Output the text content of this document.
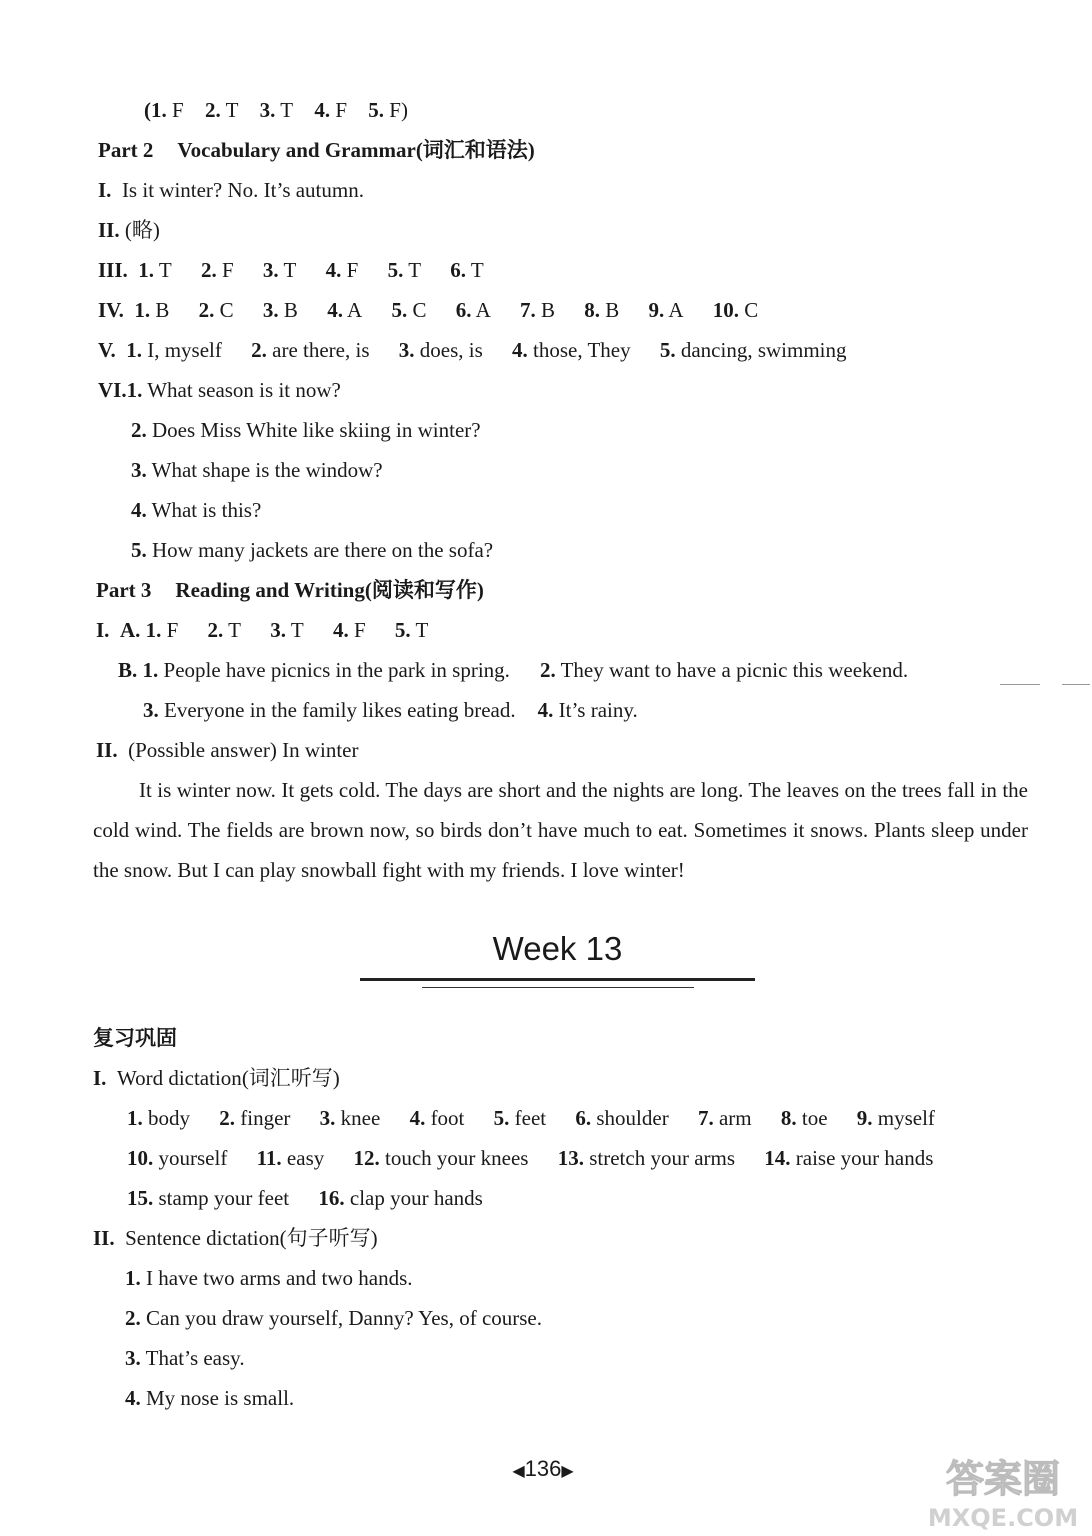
(1. F 2. T 3. T 4. F 5. F)
Part 2 Vocabulary and Grammar(词汇和语法)
I. Is it winter? No. It’s autumn.
II. (略)
III. 1. T 2. F 3. T 4. F 5. T 6. T
IV. 1. B 2. C 3. B 4. A 5. C 6. A 7. B 8. B 9. A 10. C
V. 1. I, myself 2. are there, is 3. does, is 4. those, They 5. dancing, swimming
VI.1. What season is it now?
2. Does Miss White like skiing in winter?
3. What shape is the window?
4. What is this?
5. How many jackets are there on the sofa?
Part 3 Reading and Writing(阅读和写作)
I. A. 1. F 2. T 3. T 4. F 5. T
B. 1. People have picnics in the park in spring. 2. They want to have a picnic this weekend.
3. Everyone in the family likes eating bread. 4. It’s rainy.
II. (Possible answer) In winter

It is winter now. It gets cold. The days are short and the nights are long. The leaves on the trees fall in the cold wind. The fields are brown now, so birds don’t have much to eat. Sometimes it snows. Plants sleep under the snow. But I can play snowball fight with my friends. I love winter!

Week 13
复习巩固
I. Word dictation(词汇听写)
1. body 2. finger 3. knee 4. foot 5. feet 6. shoulder 7. arm 8. toe 9. myself
10. yourself 11. easy 12. touch your knees 13. stretch your arms 14. raise your hands
15. stamp your feet 16. clap your hands
II. Sentence dictation(句子听写)
1. I have two arms and two hands.
2. Can you draw yourself, Danny? Yes, of course.
3. That’s easy.
4. My nose is small.
◀136▶	答案圈
MXQE.COM
